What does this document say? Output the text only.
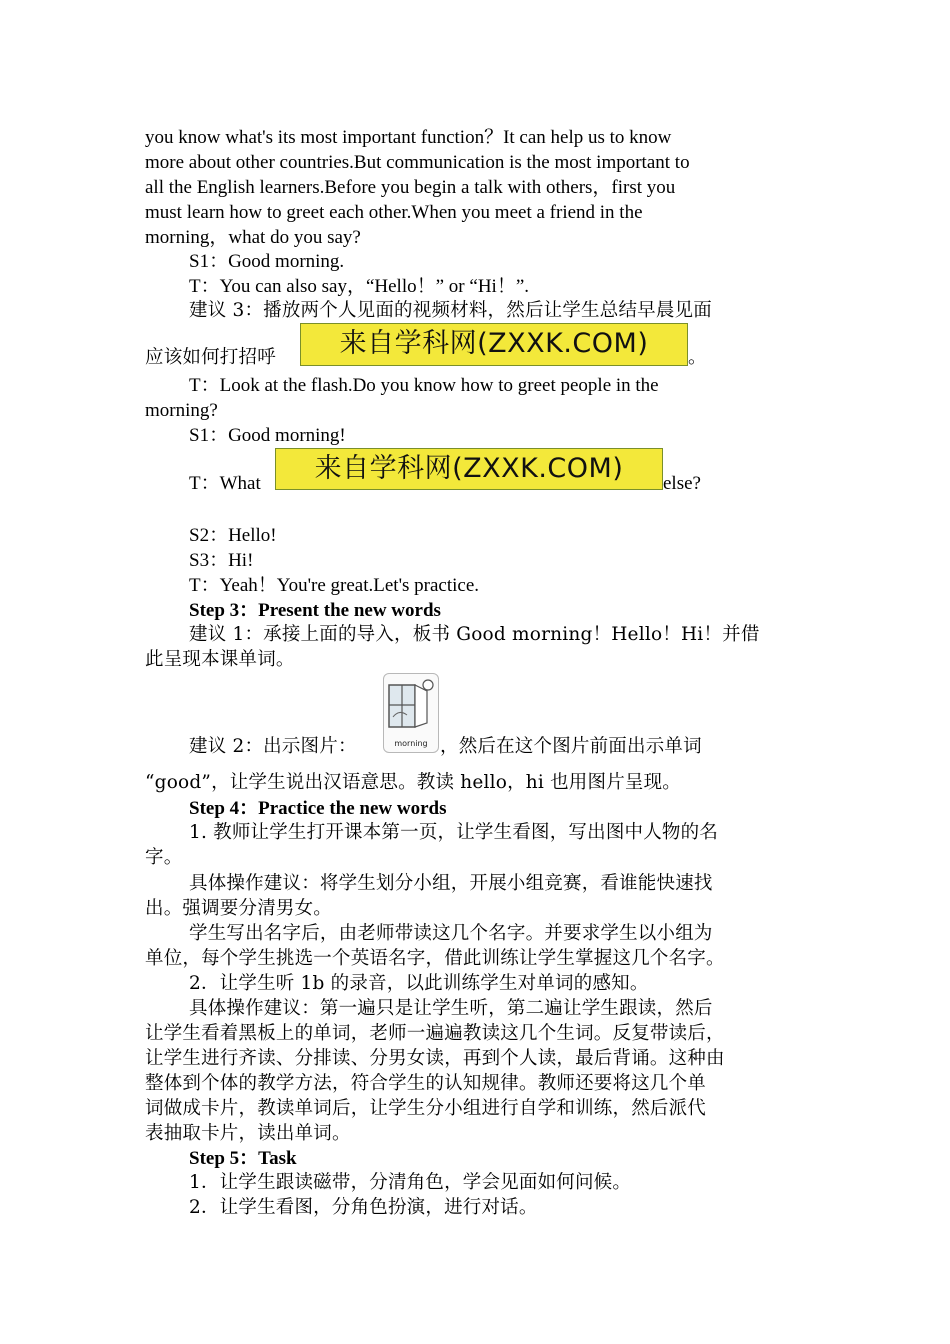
you know what's its most important function？It can help us to know
more about other countries.But communication is the most important to
all the English learners.Before you begin a talk with others，first you
must learn how to greet each other.When you meet a friend in the
morning，what do you say?
S1：Good morning.
T：You can also say，“Hello！” or “Hi！”.
建议 3：播放两个人见面的视频材料，然后让学生总结早晨见面
应该如何打招呼	来自学科网(ZXXK.COM)	。
T：Look at the flash.Do you know how to greet people in the
morning?
S1：Good morning!
T：What	来自学科网(ZXXK.COM)	else?
S2：Hello!
S3：Hi!
T：Yeah！You're great.Let's practice.
Step 3：Present the new words
建议 1：承接上面的导入，板书 Good morning！Hello！Hi！并借
此呈现本课单词。
建议 2：出示图片：	morning ，然后在这个图片前面出示单词
“good”，让学生说出汉语意思。教读 hello，hi 也用图片呈现。
Step 4：Practice the new words
1. 教师让学生打开课本第一页，让学生看图，写出图中人物的名
字。
具体操作建议：将学生划分小组，开展小组竞赛，看谁能快速找
出。强调要分清男女。
学生写出名字后，由老师带读这几个名字。并要求学生以小组为
单位，每个学生挑选一个英语名字，借此训练让学生掌握这几个名字。
2．让学生听 1b 的录音，以此训练学生对单词的感知。
具体操作建议：第一遍只是让学生听，第二遍让学生跟读，然后
让学生看着黑板上的单词，老师一遍遍教读这几个生词。反复带读后，
让学生进行齐读、分排读、分男女读，再到个人读，最后背诵。这种由
整体到个体的教学方法，符合学生的认知规律。教师还要将这几个单
词做成卡片，教读单词后，让学生分小组进行自学和训练，然后派代
表抽取卡片，读出单词。
Step 5：Task
1．让学生跟读磁带，分清角色，学会见面如何问候。
2．让学生看图，分角色扮演，进行对话。
